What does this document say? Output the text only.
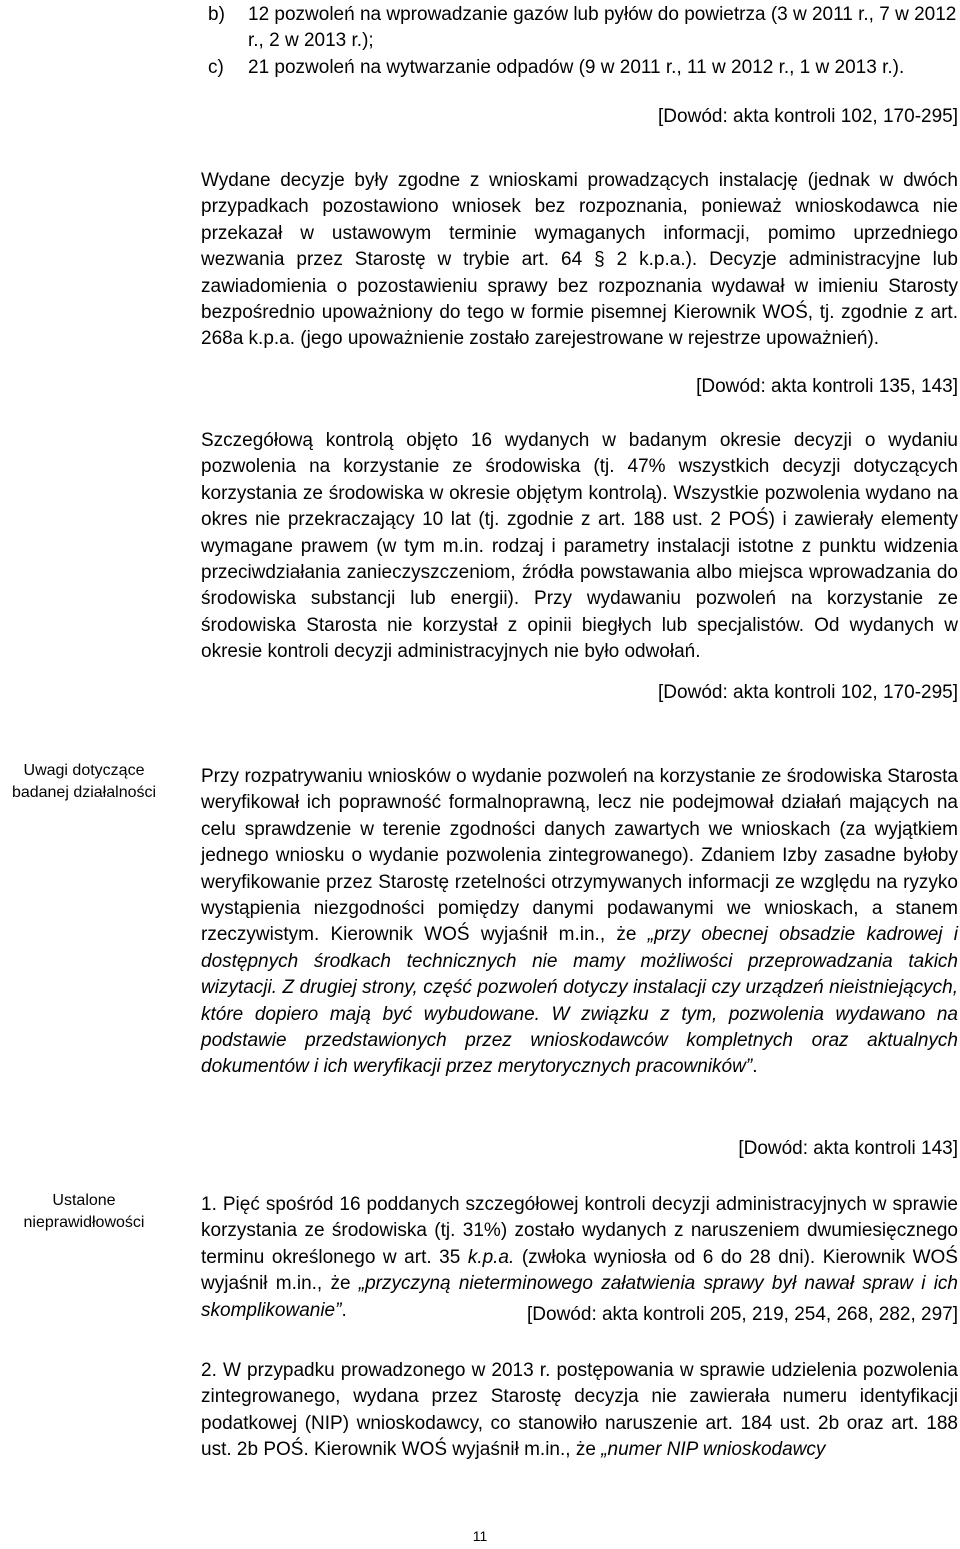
b)	12 pozwoleń na wprowadzanie gazów lub pyłów do powietrza (3 w 2011 r., 7 w 2012 r., 2 w 2013 r.);
c)	21 pozwoleń na wytwarzanie odpadów (9 w 2011 r., 11 w 2012 r., 1 w 2013 r.).
[Dowód: akta kontroli 102, 170-295]

Wydane decyzje były zgodne z wnioskami prowadzących instalację (jednak w dwóch przypadkach pozostawiono wniosek bez rozpoznania, ponieważ wnioskodawca nie przekazał w ustawowym terminie wymaganych informacji, pomimo uprzedniego wezwania przez Starostę w trybie art. 64 § 2 k.p.a.). Decyzje administracyjne lub zawiadomienia o pozostawieniu sprawy bez rozpoznania wydawał w imieniu Starosty bezpośrednio upoważniony do tego w formie pisemnej Kierownik WOŚ, tj. zgodnie z art. 268a k.p.a. (jego upoważnienie zostało zarejestrowane w rejestrze upoważnień).

[Dowód: akta kontroli 135, 143]

Szczegółową kontrolą objęto 16 wydanych w badanym okresie decyzji o wydaniu pozwolenia na korzystanie ze środowiska (tj. 47% wszystkich decyzji dotyczących korzystania ze środowiska w okresie objętym kontrolą). Wszystkie pozwolenia wydano na okres nie przekraczający 10 lat (tj. zgodnie z art. 188 ust. 2 POŚ) i zawierały elementy wymagane prawem (w tym m.in. rodzaj i parametry instalacji istotne z punktu widzenia przeciwdziałania zanieczyszczeniom, źródła powstawania albo miejsca wprowadzania do środowiska substancji lub energii). Przy wydawaniu pozwoleń na korzystanie ze środowiska Starosta nie korzystał z opinii biegłych lub specjalistów. Od wydanych w okresie kontroli decyzji administracyjnych nie było odwołań.

[Dowód: akta kontroli 102, 170-295]
Uwagi dotyczące badanej działalności

Przy rozpatrywaniu wniosków o wydanie pozwoleń na korzystanie ze środowiska Starosta weryfikował ich poprawność formalnoprawną, lecz nie podejmował działań mających na celu sprawdzenie w terenie zgodności danych zawartych we wnioskach (za wyjątkiem jednego wniosku o wydanie pozwolenia zintegrowanego). Zdaniem Izby zasadne byłoby weryfikowanie przez Starostę rzetelności otrzymywanych informacji ze względu na ryzyko wystąpienia niezgodności pomiędzy danymi podawanymi we wnioskach, a stanem rzeczywistym. Kierownik WOŚ wyjaśnił m.in., że „przy obecnej obsadzie kadrowej i dostępnych środkach technicznych nie mamy możliwości przeprowadzania takich wizytacji. Z drugiej strony, część pozwoleń dotyczy instalacji czy urządzeń nieistniejących, które dopiero mają być wybudowane. W związku z tym, pozwolenia wydawano na podstawie przedstawionych przez wnioskodawców kompletnych oraz aktualnych dokumentów i ich weryfikacji przez merytorycznych pracowników”.

[Dowód: akta kontroli 143]
Ustalone nieprawidłowości

1. Pięć spośród 16 poddanych szczegółowej kontroli decyzji administracyjnych w sprawie korzystania ze środowiska (tj. 31%) zostało wydanych z naruszeniem dwumiesięcznego terminu określonego w art. 35 k.p.a. (zwłoka wyniosła od 6 do 28 dni). Kierownik WOŚ wyjaśnił m.in., że „przyczyną nieterminowego załatwienia sprawy był nawał spraw i ich skomplikowanie”.	[Dowód: akta kontroli 205, 219, 254, 268, 282, 297]

2. W przypadku prowadzonego w 2013 r. postępowania w sprawie udzielenia pozwolenia zintegrowanego, wydana przez Starostę decyzja nie zawierała numeru identyfikacji podatkowej (NIP) wnioskodawcy, co stanowiło naruszenie art. 184 ust. 2b oraz art. 188 ust. 2b POŚ. Kierownik WOŚ wyjaśnił m.in., że „numer NIP wnioskodawcy

11
